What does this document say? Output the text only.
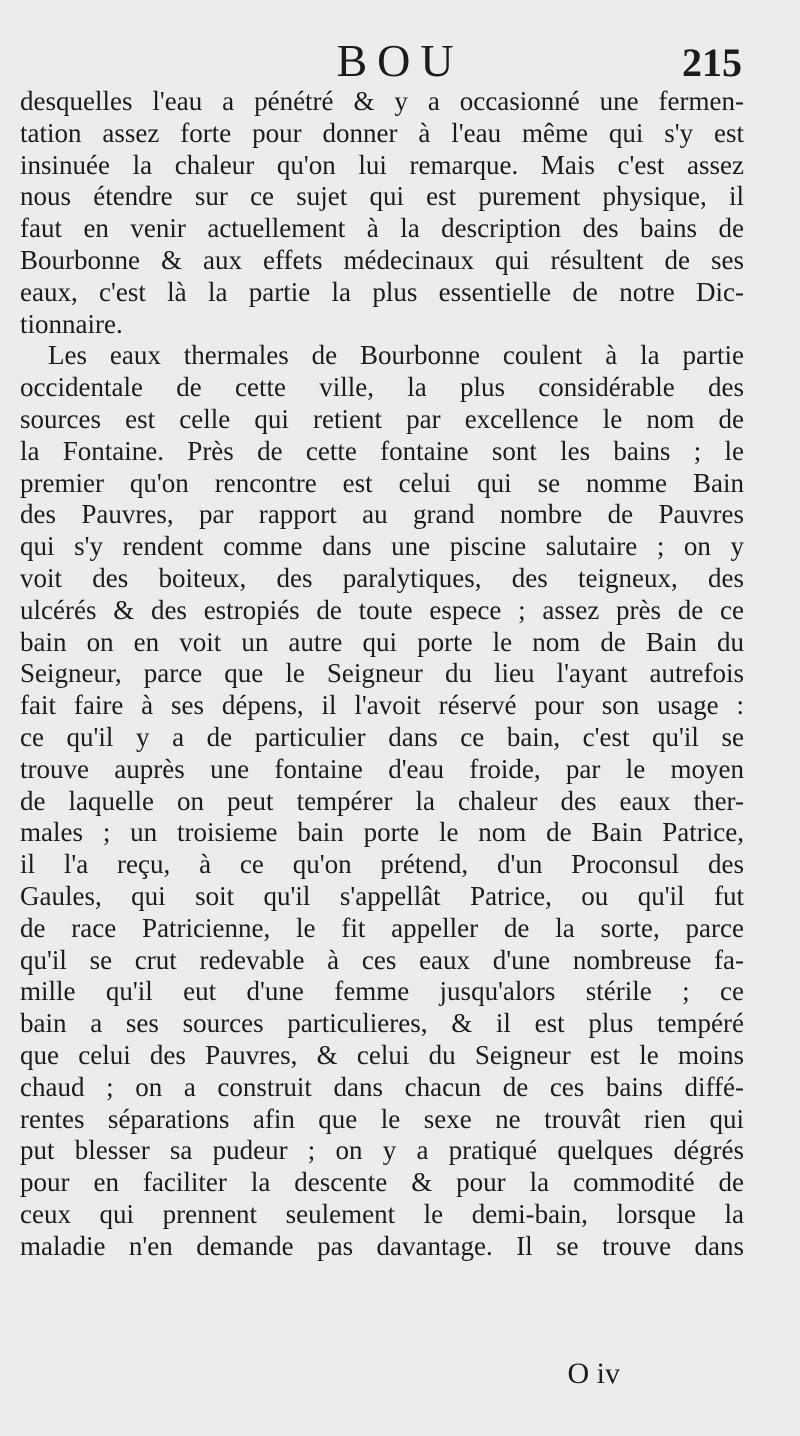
BOU	215
desquelles l'eau a pénétré & y a occasionné une fermen-
tation assez forte pour donner à l'eau même qui s'y est
insinuée la chaleur qu'on lui remarque. Mais c'est assez
nous étendre sur ce sujet qui est purement physique, il
faut en venir actuellement à la description des bains de
Bourbonne & aux effets médecinaux qui résultent de ses
eaux, c'est là la partie la plus essentielle de notre Dic-
tionnaire.
Les eaux thermales de Bourbonne coulent à la partie
occidentale de cette ville, la plus considérable des
sources est celle qui retient par excellence le nom de
la Fontaine. Près de cette fontaine sont les bains ; le
premier qu'on rencontre est celui qui se nomme Bain
des Pauvres, par rapport au grand nombre de Pauvres
qui s'y rendent comme dans une piscine salutaire ; on y
voit des boiteux, des paralytiques, des teigneux, des
ulcérés & des estropiés de toute espece ; assez près de ce
bain on en voit un autre qui porte le nom de Bain du
Seigneur, parce que le Seigneur du lieu l'ayant autrefois
fait faire à ses dépens, il l'avoit réservé pour son usage :
ce qu'il y a de particulier dans ce bain, c'est qu'il se
trouve auprès une fontaine d'eau froide, par le moyen
de laquelle on peut tempérer la chaleur des eaux ther-
males ; un troisieme bain porte le nom de Bain Patrice,
il l'a reçu, à ce qu'on prétend, d'un Proconsul des
Gaules, qui soit qu'il s'appellât Patrice, ou qu'il fut
de race Patricienne, le fit appeller de la sorte, parce
qu'il se crut redevable à ces eaux d'une nombreuse fa-
mille qu'il eut d'une femme jusqu'alors stérile ; ce
bain a ses sources particulieres, & il est plus tempéré
que celui des Pauvres, & celui du Seigneur est le moins
chaud ; on a construit dans chacun de ces bains diffé-
rentes séparations afin que le sexe ne trouvât rien qui
put blesser sa pudeur ; on y a pratiqué quelques dégrés
pour en faciliter la descente & pour la commodité de
ceux qui prennent seulement le demi-bain, lorsque la
maladie n'en demande pas davantage. Il se trouve dans
O iv
